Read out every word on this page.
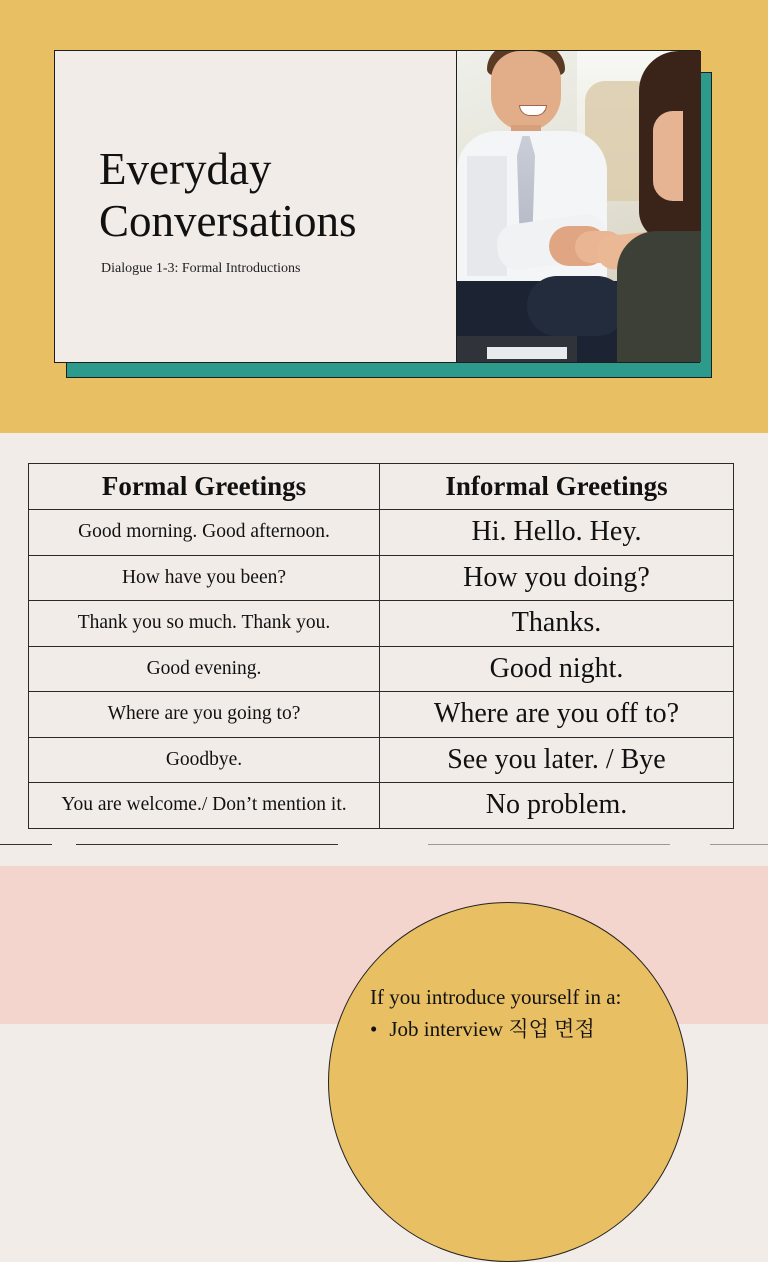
Everyday
Conversations
Dialogue 1-3: Formal Introductions
Formal Greetings	Informal Greetings
Good morning. Good afternoon.	Hi. Hello. Hey.
How have you been?	How you doing?
Thank you so much. Thank you.	Thanks.
Good evening.	Good night.
Where are you going to?	Where are you off to?
Goodbye.	See you later. / Bye
You are welcome./ Don’t mention it.	No problem.
If you introduce yourself in a:
• Job interview 직업 면접
